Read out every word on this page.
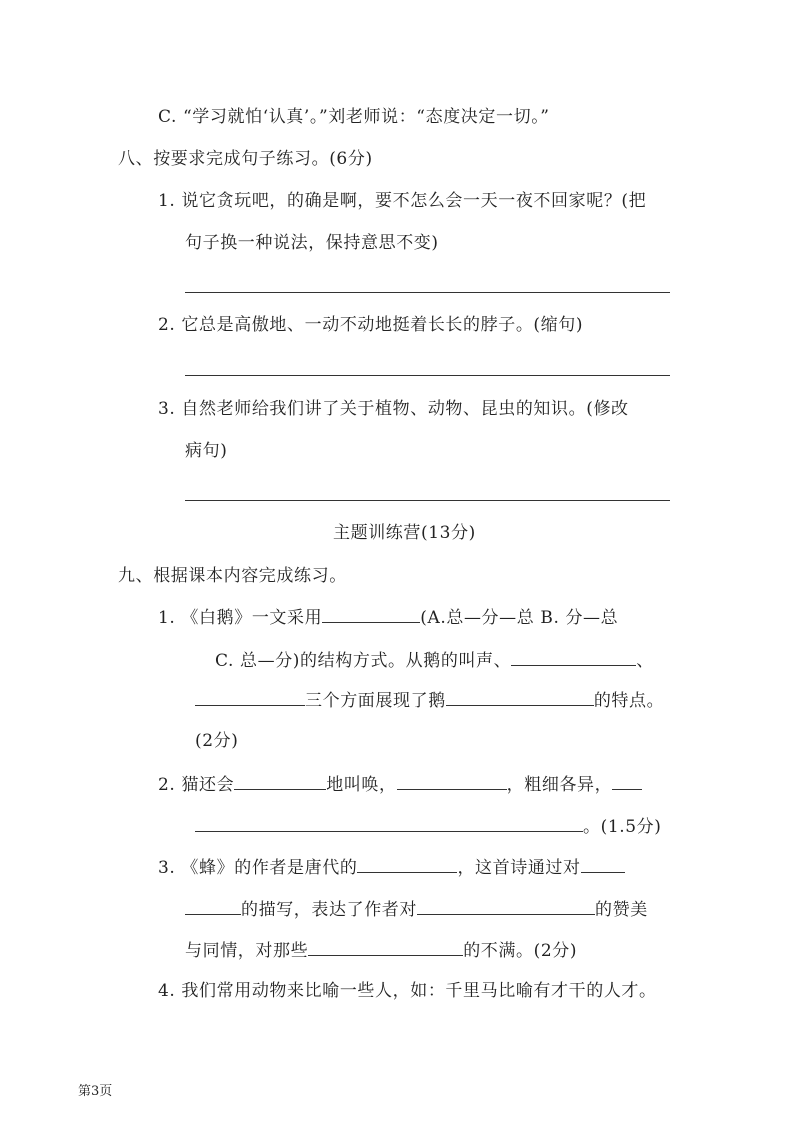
C. “学习就怕‘认真’。”刘老师说：“态度决定一切。”
八、按要求完成句子练习。(6分)
1. 说它贪玩吧，的确是啊，要不怎么会一天一夜不回家呢？(把
句子换一种说法，保持意思不变)
2. 它总是高傲地、一动不动地挺着长长的脖子。(缩句)
3. 自然老师给我们讲了关于植物、动物、昆虫的知识。(修改
病句)
主题训练营(13分)
九、根据课本内容完成练习。
1. 《白鹅》一文采用	(A.总—分—总 B. 分—总
C. 总—分)的结构方式。从鹅的叫声、	、
三个方面展现了鹅	的特点。
(2分)
2. 猫还会	地叫唤，	，粗细各异，
。(1.5分)
3. 《蜂》的作者是唐代的	，这首诗通过对
的描写，表达了作者对	的赞美
与同情，对那些	的不满。(2分)
4. 我们常用动物来比喻一些人，如：千里马比喻有才干的人才。
第3页
